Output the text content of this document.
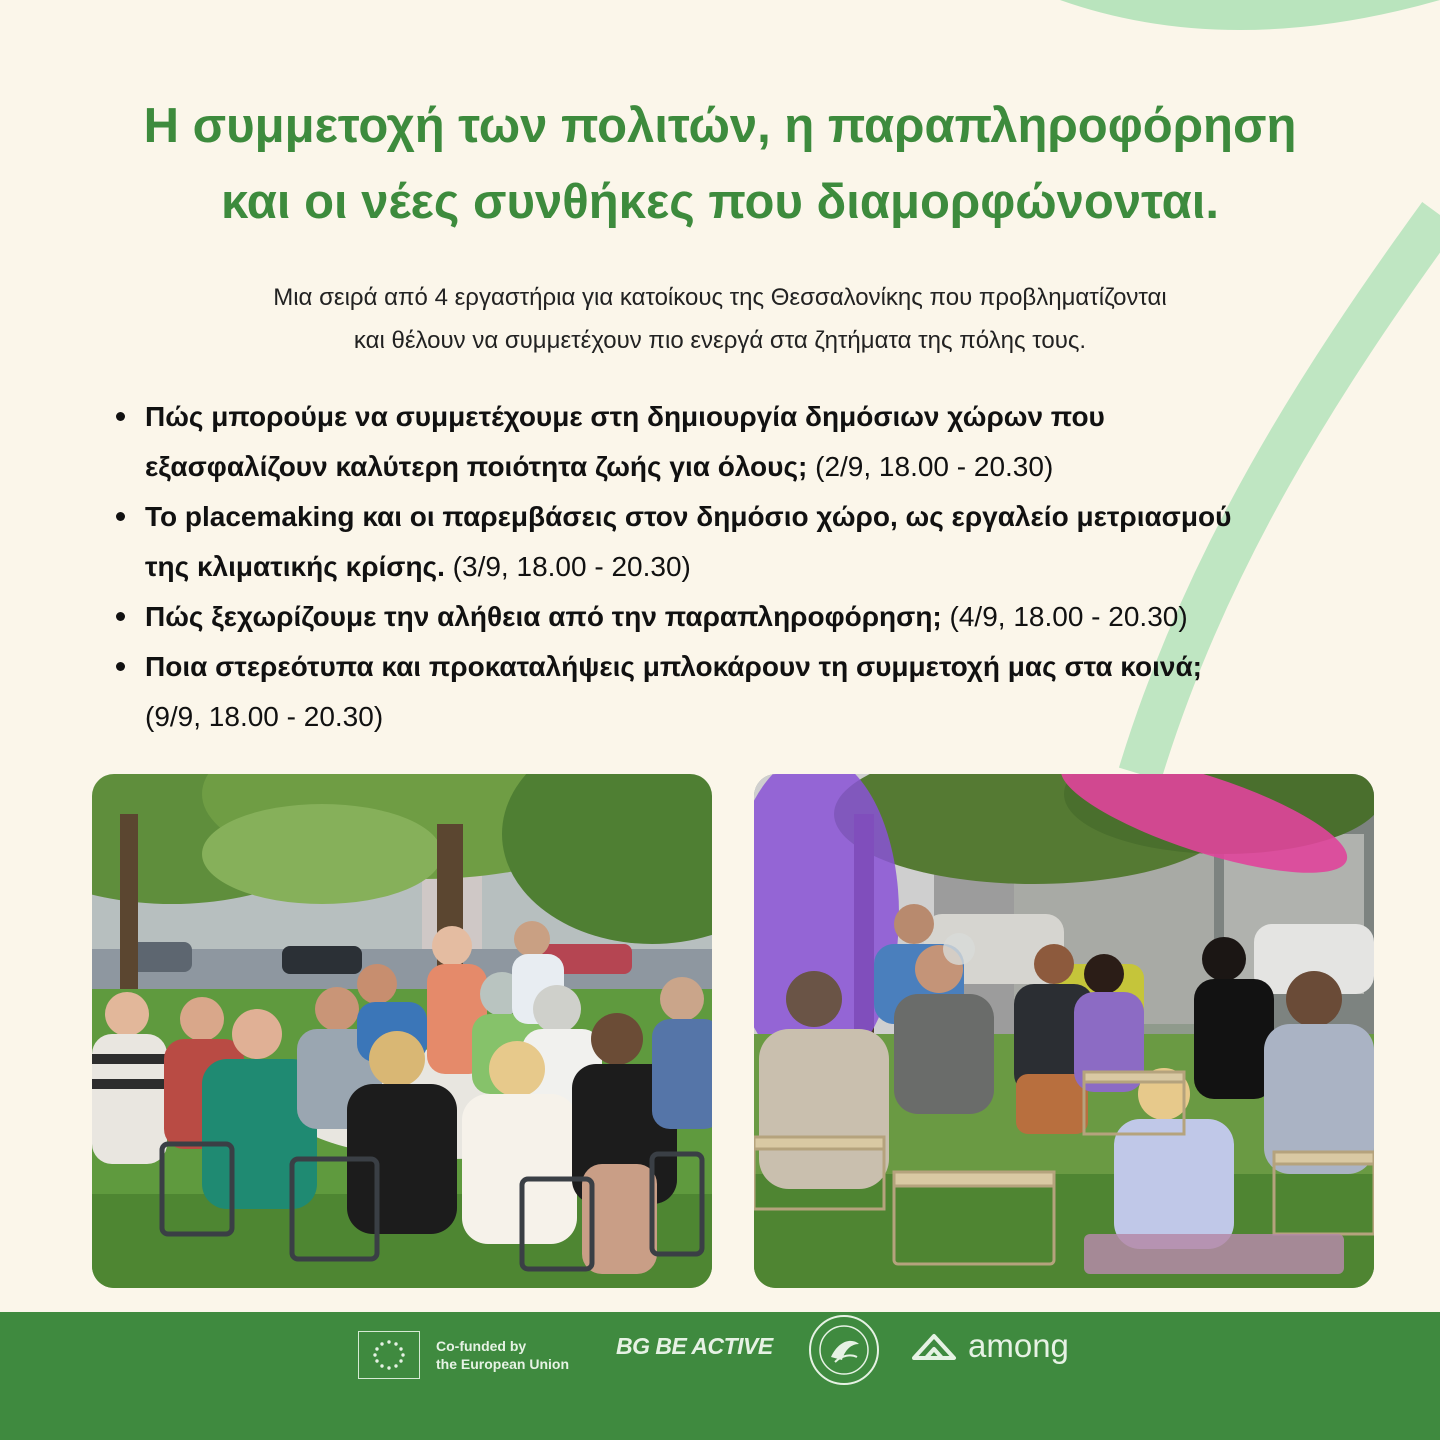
Η συμμετοχή των πολιτών, η παραπληροφόρηση
και οι νέες συνθήκες που διαμορφώνονται.

Μια σειρά από 4 εργαστήρια για κατοίκους της Θεσσαλονίκης που προβληματίζονται
και θέλουν να συμμετέχουν πιο ενεργά στα ζητήματα της πόλης τους.

Πώς μπορούμε να συμμετέχουμε στη δημιουργία δημόσιων χώρων που
εξασφαλίζουν καλύτερη ποιότητα ζωής για όλους; (2/9, 18.00 - 20.30)
Το placemaking και οι παρεμβάσεις στον δημόσιο χώρο, ως εργαλείο μετριασμού
της κλιματικής κρίσης. (3/9, 18.00 - 20.30)
Πώς ξεχωρίζουμε την αλήθεια από την παραπληροφόρηση; (4/9, 18.00 - 20.30)
Ποια στερεότυπα και προκαταλήψεις μπλοκάρουν τη συμμετοχή μας στα κοινά;
(9/9, 18.00 - 20.30)
Co-funded by
the European Union
BG BE ACTIVE	among
